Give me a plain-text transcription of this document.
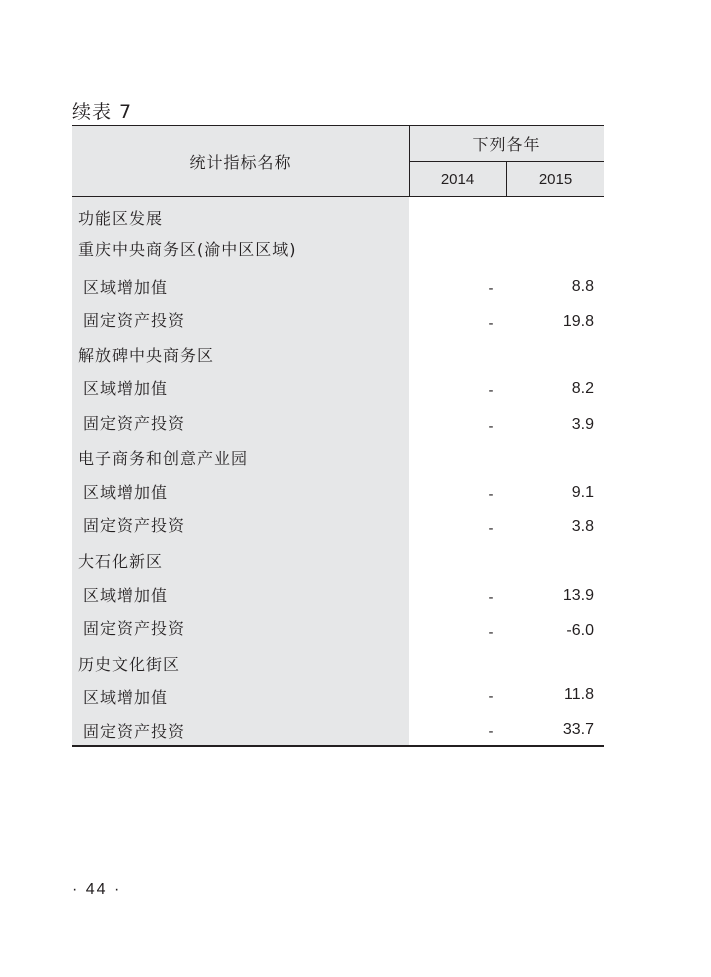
续表 7
统计指标名称
下列各年
2014	2015
功能区发展
重庆中央商务区(渝中区区域)
区域增加值	-	8.8
固定资产投资	-	19.8
解放碑中央商务区
区域增加值	-	8.2
固定资产投资	-	3.9
电子商务和创意产业园
区域增加值	-	9.1
固定资产投资	-	3.8
大石化新区
区域增加值	-	13.9
固定资产投资	-	-6.0
历史文化街区
区域增加值	-	11.8
固定资产投资	-	33.7
· 44 ·
